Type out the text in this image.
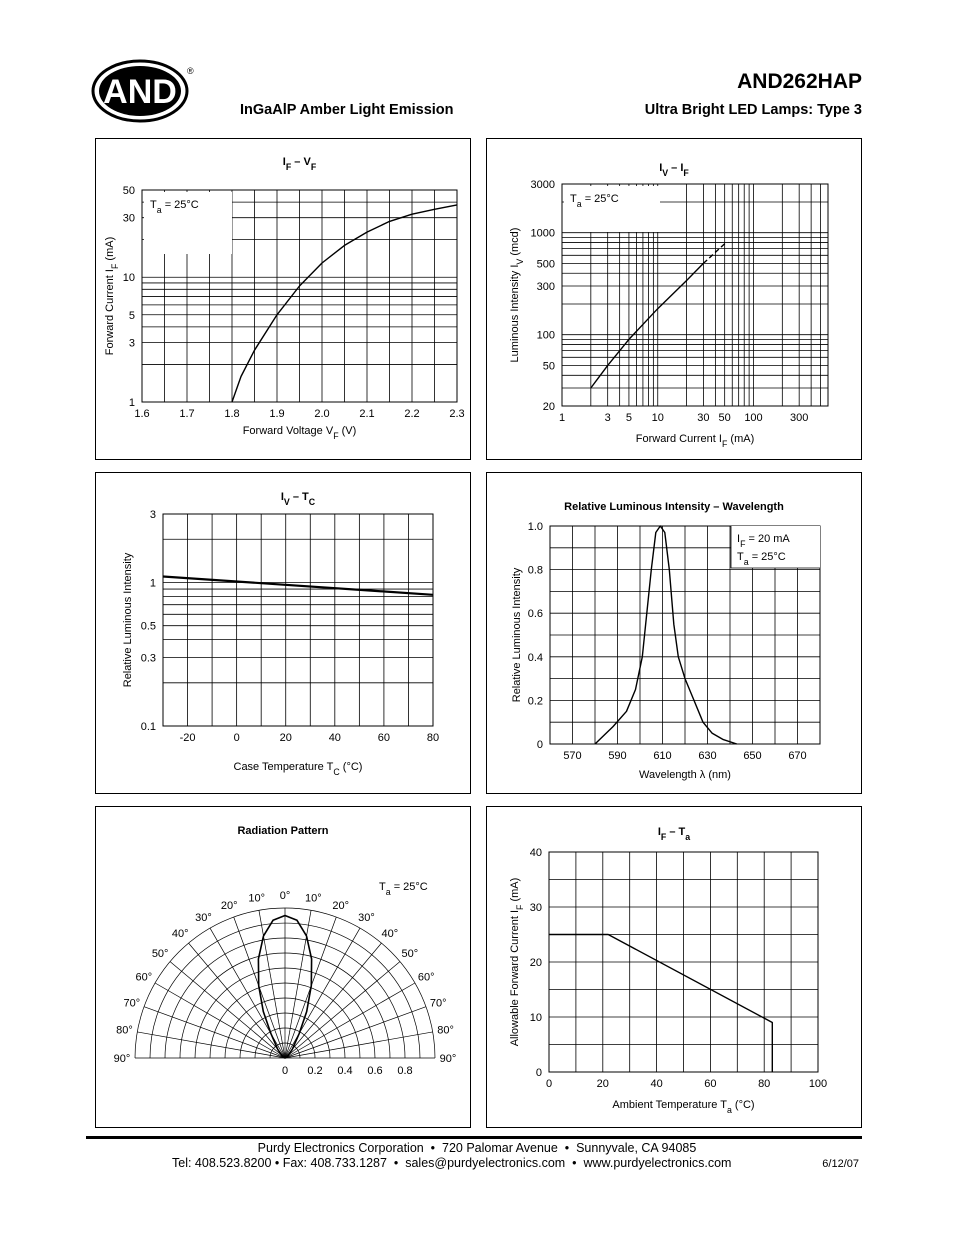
AND
®	AND262HAP
InGaAlP Amber Light Emission	Ultra Bright LED Lamps: Type 3
$T_a = 25^\circ C$
1.6	1.7	1.8	1.9	2.0	2.1	2.2	2.3
1
3
5
10
30
50
$I_F - V_F$
Forward Voltage $V_F$ (V)
Forward Current $I_F$ (mA)
$T_a = 25^\circ C$
1	3 5 10	30 50 100 300
20
50
100
300
500
1000
3000
$I_V - I_F$
Forward Current $I_F$ (mA)
Luminous Intensity $I_V$ (mcd)
-20	0	20	40	60	80
0.1
0.3
0.5
1
3
$I_V - T_C$
Case Temperature $T_C$ (°C)
Relative Luminous Intensity
$I_F = 20$ mA
$T_a = 25^\circ C$
570 590 610 630 650 670
0
0.2
0.4
0.6
0.8
1.0
Relative Luminous Intensity – Wavelength
Wavelength λ (nm)
Relative Luminous Intensity
$T_a = 25^\circ C$
0° 10°
10°
20°
20°
30°
30°
40°
40°
50°
50°
60°
60°
70°
70°
80°
80°
90°
90°
0 0.2 0.4 0.6 0.8
Radiation Pattern
0	20	40	60	80	100
0
10
20
30
40
$I_F - T_a$
Ambient Temperature $T_a$ (°C)
Allowable Forward Current $I_F$ (mA)
Purdy Electronics Corporation  •  720 Palomar Avenue  •  Sunnyvale, CA 94085
Tel: 408.523.8200 • Fax: 408.733.1287  •  sales@purdyelectronics.com  •  www.purdyelectronics.com	6/12/07
